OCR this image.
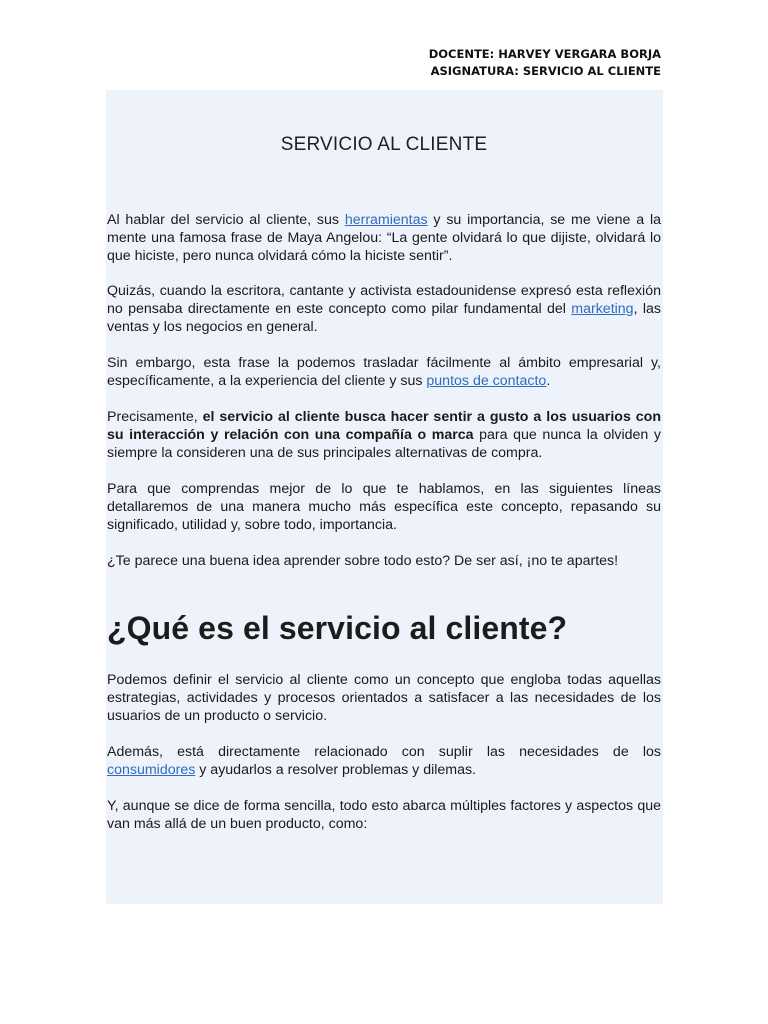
DOCENTE: HARVEY VERGARA BORJA
ASIGNATURA: SERVICIO AL CLIENTE
SERVICIO AL CLIENTE

Al hablar del servicio al cliente, sus herramientas y su importancia, se me viene a la mente una famosa frase de Maya Angelou: “La gente olvidará lo que dijiste, olvidará lo que hiciste, pero nunca olvidará cómo la hiciste sentir”.

Quizás, cuando la escritora, cantante y activista estadounidense expresó esta reflexión no pensaba directamente en este concepto como pilar fundamental del marketing, las ventas y los negocios en general.

Sin embargo, esta frase la podemos trasladar fácilmente al ámbito empresarial y, específicamente, a la experiencia del cliente y sus puntos de contacto.

Precisamente, el servicio al cliente busca hacer sentir a gusto a los usuarios con su interacción y relación con una compañía o marca para que nunca la olviden y siempre la consideren una de sus principales alternativas de compra.

Para que comprendas mejor de lo que te hablamos, en las siguientes líneas detallaremos de una manera mucho más específica este concepto, repasando su significado, utilidad y, sobre todo, importancia.

¿Te parece una buena idea aprender sobre todo esto? De ser así, ¡no te apartes!

¿Qué es el servicio al cliente?

Podemos definir el servicio al cliente como un concepto que engloba todas aquellas estrategias, actividades y procesos orientados a satisfacer a las necesidades de los usuarios de un producto o servicio.

Además, está directamente relacionado con suplir las necesidades de los consumidores y ayudarlos a resolver problemas y dilemas.

Y, aunque se dice de forma sencilla, todo esto abarca múltiples factores y aspectos que van más allá de un buen producto, como:
